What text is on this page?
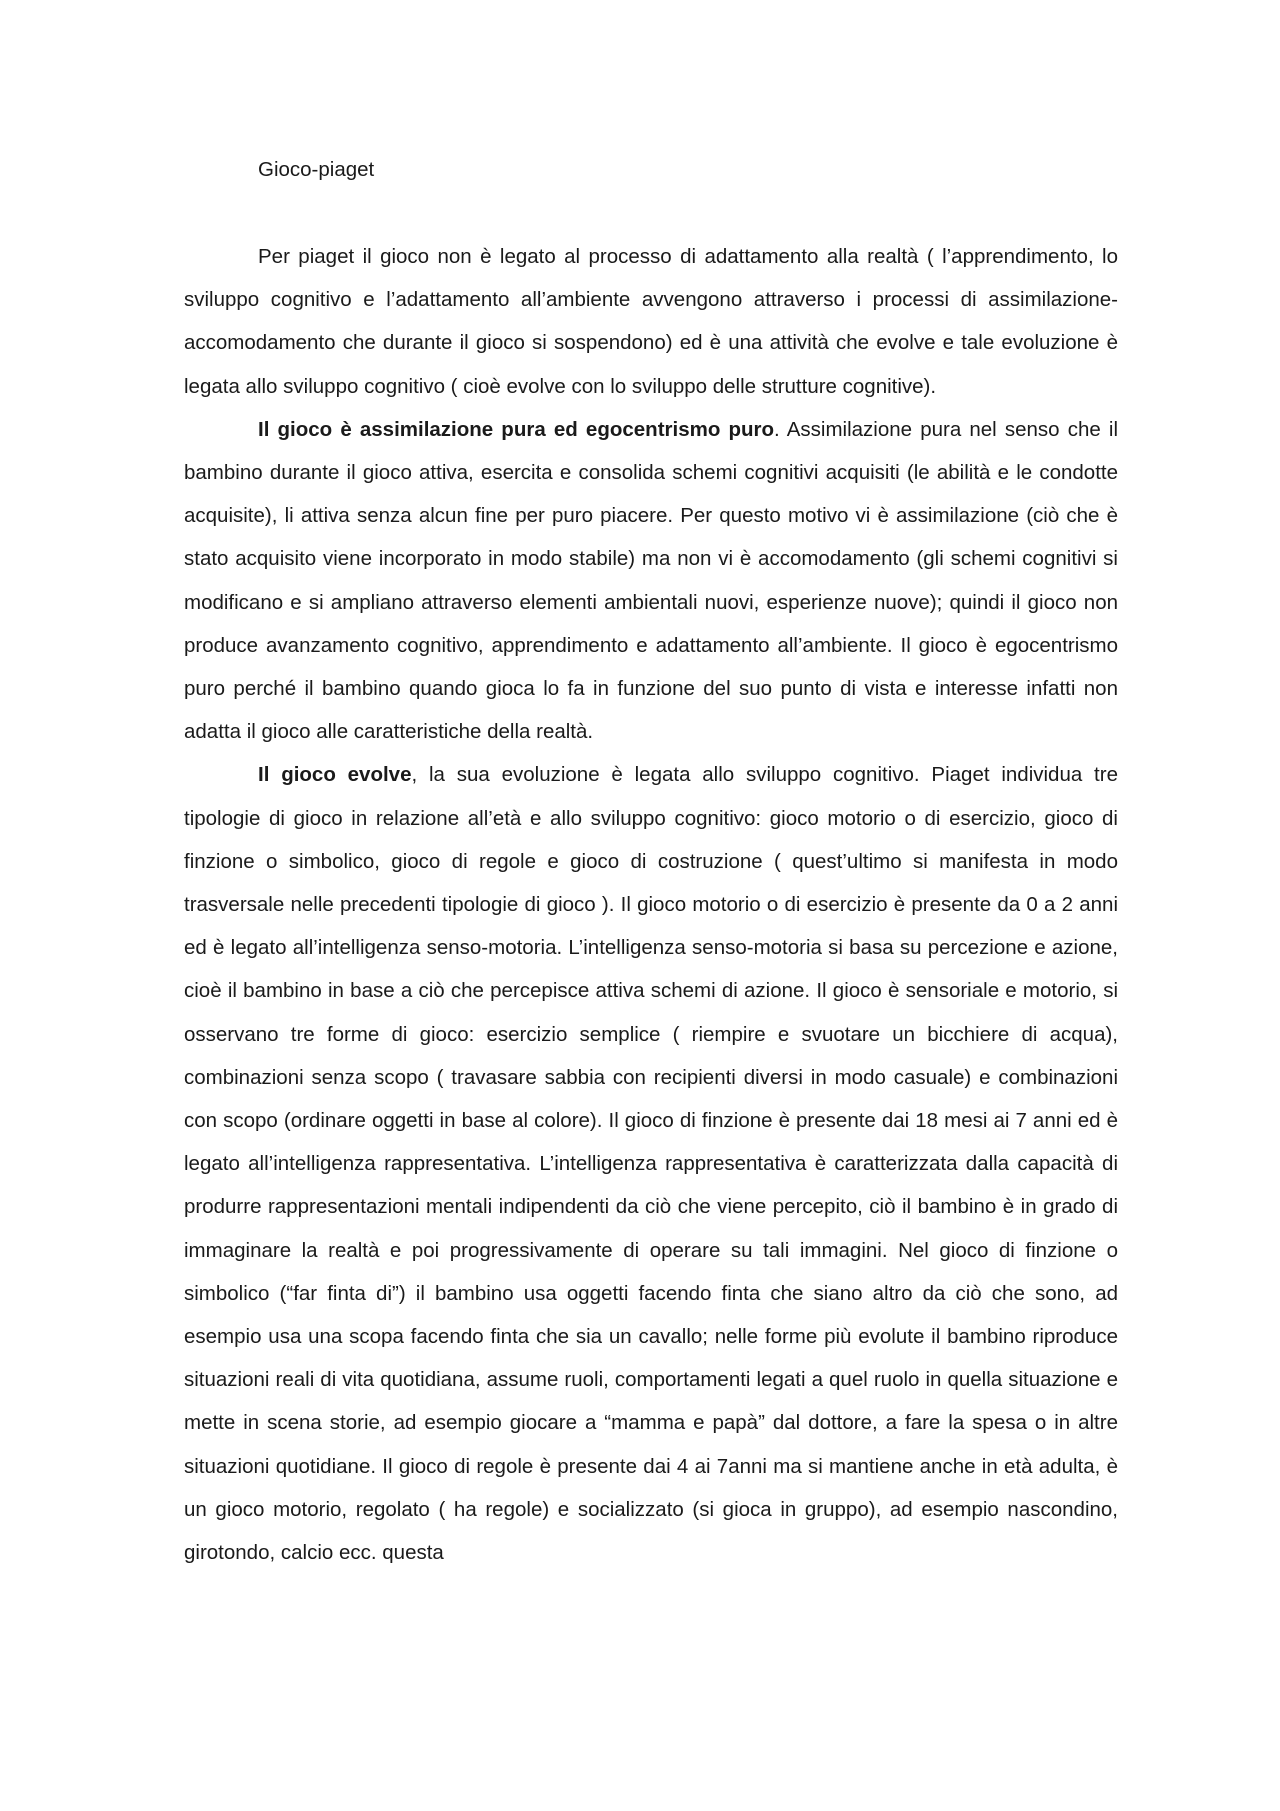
Gioco-piaget

Per piaget il gioco non è legato al processo di adattamento alla realtà ( l’apprendimento, lo sviluppo cognitivo e l’adattamento all’ambiente avvengono attraverso i processi di assimilazione- accomodamento che durante il gioco si sospendono) ed è una attività che evolve e tale evoluzione è legata allo sviluppo cognitivo ( cioè evolve con lo sviluppo delle strutture cognitive).

Il gioco è assimilazione pura ed egocentrismo puro. Assimilazione pura nel senso che il bambino durante il gioco attiva, esercita e consolida schemi cognitivi acquisiti (le abilità e le condotte acquisite), li attiva senza alcun fine per puro piacere. Per questo motivo vi è assimilazione (ciò che è stato acquisito viene incorporato in modo stabile) ma non vi è accomodamento (gli schemi cognitivi si modificano e si ampliano attraverso elementi ambientali nuovi, esperienze nuove); quindi il gioco non produce avanzamento cognitivo, apprendimento e adattamento all’ambiente. Il gioco è egocentrismo puro perché il bambino quando gioca lo fa in funzione del suo punto di vista e interesse infatti non adatta il gioco alle caratteristiche della realtà.

Il gioco evolve, la sua evoluzione è legata allo sviluppo cognitivo. Piaget individua tre tipologie di gioco in relazione all’età e allo sviluppo cognitivo: gioco motorio o di esercizio, gioco di finzione o simbolico, gioco di regole e gioco di costruzione ( quest’ultimo si manifesta in modo trasversale nelle precedenti tipologie di gioco ). Il gioco motorio o di esercizio è presente da 0 a 2 anni ed è legato all’intelligenza senso-motoria. L’intelligenza senso-motoria si basa su percezione e azione, cioè il bambino in base a ciò che percepisce attiva schemi di azione. Il gioco è sensoriale e motorio, si osservano tre forme di gioco: esercizio semplice ( riempire e svuotare un bicchiere di acqua), combinazioni senza scopo ( travasare sabbia con recipienti diversi in modo casuale) e combinazioni con scopo (ordinare oggetti in base al colore). Il gioco di finzione è presente dai 18 mesi ai 7 anni ed è legato all’intelligenza rappresentativa. L’intelligenza rappresentativa è caratterizzata dalla capacità di produrre rappresentazioni mentali indipendenti da ciò che viene percepito, ciò il bambino è in grado di immaginare la realtà e poi progressivamente di operare su tali immagini. Nel gioco di finzione o simbolico (“far finta di”) il bambino usa oggetti facendo finta che siano altro da ciò che sono, ad esempio usa una scopa facendo finta che sia un cavallo; nelle forme più evolute il bambino riproduce situazioni reali di vita quotidiana, assume ruoli, comportamenti legati a quel ruolo in quella situazione e mette in scena storie, ad esempio giocare a “mamma e papà” dal dottore, a fare la spesa o in altre situazioni quotidiane. Il gioco di regole è presente dai 4 ai 7anni ma si mantiene anche in età adulta, è un gioco motorio, regolato ( ha regole) e socializzato (si gioca in gruppo), ad esempio nascondino, girotondo, calcio ecc. questa
